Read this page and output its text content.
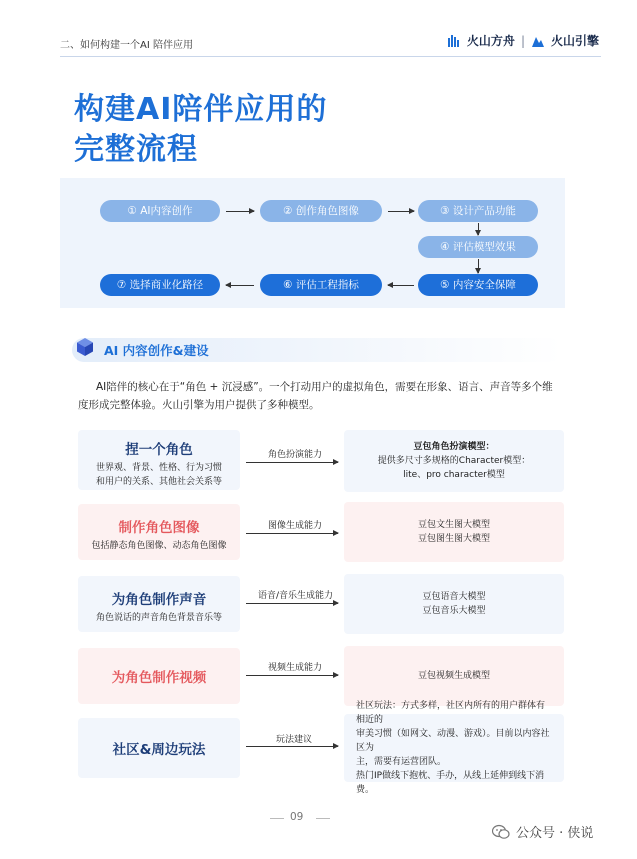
二、如何构建一个AI 陪伴应用	火山方舟 | 火山引擎
构建AI陪伴应用的
完整流程
① AI内容创作	② 创作角色图像	③ 设计产品功能
④ 评估模型效果
⑤ 内容安全保障
⑥ 评估工程指标
⑦ 选择商业化路径
AI 内容创作&建设
AI陪伴的核心在于“角色 + 沉浸感”。一个打动用户的虚拟角色，需要在形象、语言、声音等多个维度形成完整体验。火山引擎为用户提供了多种模型。
捏一个角色
世界观、背景、性格、行为习惯
和用户的关系、其他社会关系等
角色扮演能力
豆包角色扮演模型：
提供多尺寸多规格的Character模型：
lite、pro character模型
制作角色图像
包括静态角色图像、动态角色图像
图像生成能力	豆包文生图大模型
豆包图生图大模型
为角色制作声音
角色说话的声音角色背景音乐等
语音/音乐生成能力	豆包语音大模型
豆包音乐大模型
为角色制作视频
视频生成能力
豆包视频生成模型
社区&周边玩法
玩法建议
社区玩法：方式多样，社区内所有的用户群体有相近的
审美习惯（如网文、动漫、游戏）。目前以内容社区为
主，需要有运营团队。
热门IP做线下抱枕、手办，从线上延伸到线下消费。
09
公众号 · 侠说
